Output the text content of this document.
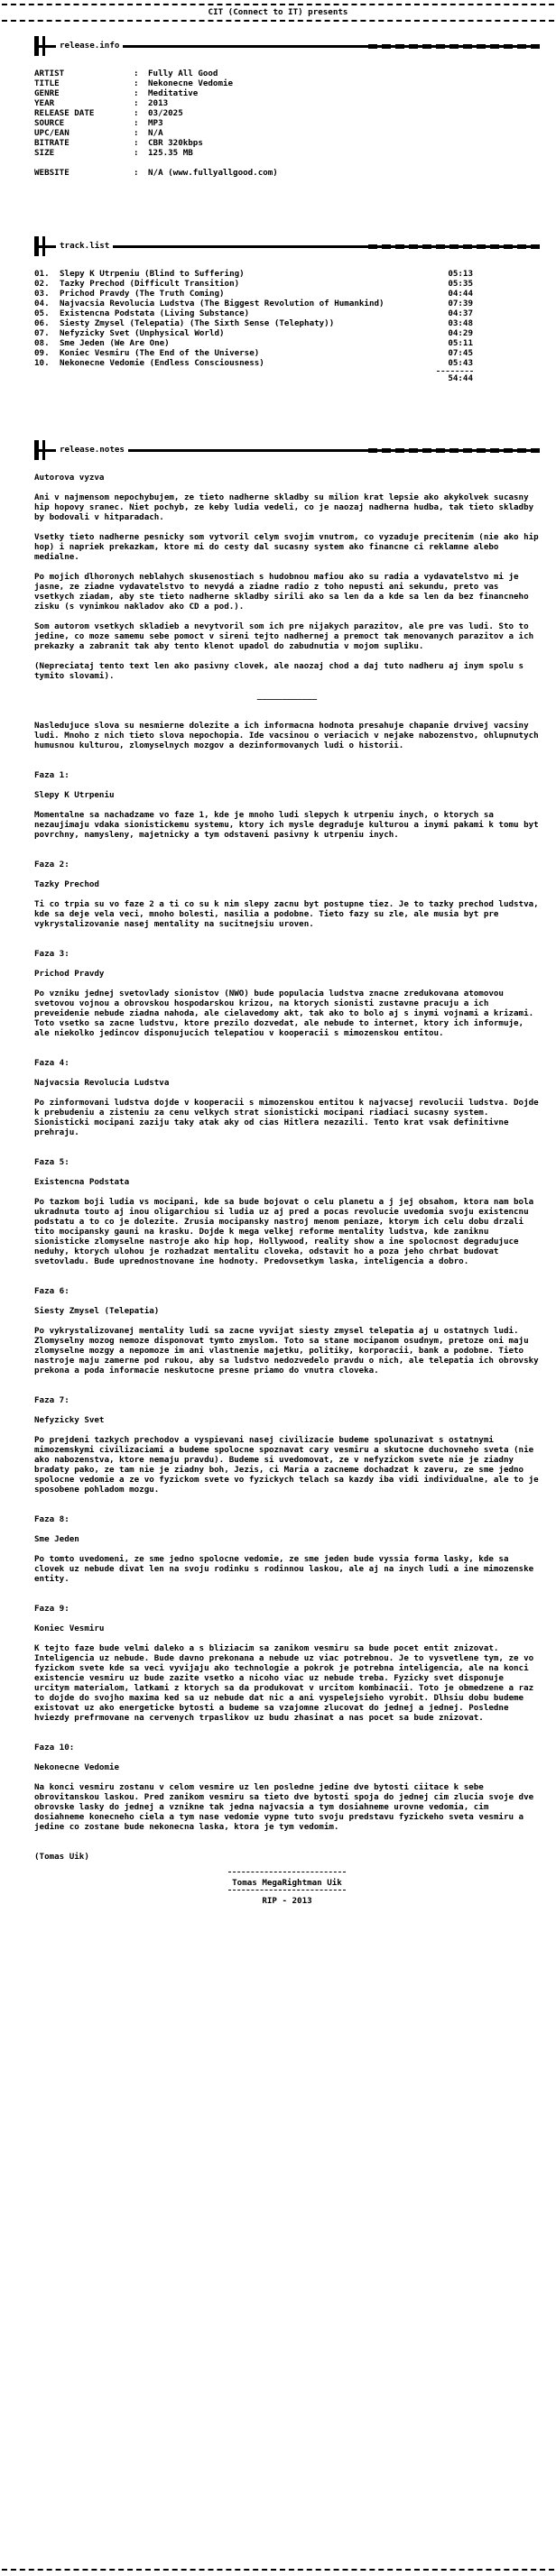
CIT (Connect to IT) presents
release.info
ARTIST	:	Fully All Good
TITLE	:	Nekonecne Vedomie
GENRE	:	Meditative
YEAR	:	2013
RELEASE DATE	:	03/2025
SOURCE	:	MP3
UPC/EAN	:	N/A
BITRATE	:	CBR 320kbps
SIZE	:	125.35 MB
WEBSITE	:	N/A (www.fullyallgood.com)
track.list
01.	Slepy K Utrpeniu (Blind to Suffering)	05:13
02.	Tazky Prechod (Difficult Transition)	05:35
03.	Prichod Pravdy (The Truth Coming)	04:44
04.	Najvacsia Revolucia Ludstva (The Biggest Revolution of Humankind)	07:39
05.	Existencna Podstata (Living Substance)	04:37
06.	Siesty Zmysel (Telepatia) (The Sixth Sense (Telephaty))	03:48
07.	Nefyzicky Svet (Unphysical World)	04:29
08.	Sme Jeden (We Are One)	05:11
09.	Koniec Vesmiru (The End of the Universe)	07:45
10.	Nekonecne Vedomie (Endless Consciousness)	05:43
54:44
release.notes

Autorova vyzva

Ani v najmensom nepochybujem, ze tieto nadherne skladby su milion krat lepsie ako akykolvek sucasny hip hopovy sranec. Niet pochyb, ze keby ludia vedeli, co je naozaj nadherna hudba, tak tieto skladby by bodovali v hitparadach.

Vsetky tieto nadherne pesnicky som vytvoril celym svojim vnutrom, co vyzaduje precitenim (nie ako hip hop) i napriek prekazkam, ktore mi do cesty dal sucasny system ako financne ci reklamne alebo medialne.

Po mojich dlhoronych neblahych skusenostiach s hudobnou mafiou ako su radia a vydavatelstvo mi je jasne, ze ziadne vydavatelstvo to nevydá a ziadne radio z toho nepusti ani sekundu, preto vas vsetkych ziadam, aby ste tieto nadherne skladby sirili ako sa len da a kde sa len da bez financneho zisku (s vynimkou nakladov ako CD a pod.).

Som autorom vsetkych skladieb a nevytvoril som ich pre nijakych parazitov, ale pre vas ludi. Sto to jedine, co moze samemu sebe pomoct v sireni tejto nadhernej a premoct tak menovanych parazitov a ich prekazky a zabranit tak aby tento klenot upadol do zabudnutia v mojom supliku.

(Nepreciataj tento text len ako pasivny clovek, ale naozaj chod a daj tuto nadheru aj inym spolu s tymito slovami).

____________

Nasledujuce slova su nesmierne dolezite a ich informacna hodnota presahuje chapanie drvivej vacsiny ludi. Mnoho z nich tieto slova nepochopia. Ide vacsinou o veriacich v nejake nabozenstvo, ohlupnutych humusnou kulturou, zlomyselnych mozgov a dezinformovanych ludi o historii.

Faza 1:

Slepy K Utrpeniu

Momentalne sa nachadzame vo faze 1, kde je mnoho ludi slepych k utrpeniu inych, o ktorych sa nezaujimaju vdaka sionistickemu systemu, ktory ich mysle degraduje kulturou a inymi pakami k tomu byt povrchny, namysleny, majetnicky a tym odstaveni pasivny k utrpeniu inych.

Faza 2:

Tazky Prechod

Ti co trpia su vo faze 2 a ti co su k nim slepy zacnu byt postupne tiez. Je to tazky prechod ludstva, kde sa deje vela veci, mnoho bolesti, nasilia a podobne. Tieto fazy su zle, ale musia byt pre vykrystalizovanie nasej mentality na sucitnejsiu uroven.

Faza 3:

Prichod Pravdy

Po vzniku jednej svetovlady sionistov (NWO) bude populacia ludstva znacne zredukovana atomovou svetovou vojnou a obrovskou hospodarskou krizou, na ktorych sionisti zustavne pracuju a ich preveidenie nebude ziadna nahoda, ale cielavedomy akt, tak ako to bolo aj s inymi vojnami a krizami. Toto vsetko sa zacne ludstvu, ktore prezilo dozvedat, ale nebude to internet, ktory ich informuje, ale niekolko jedincov disponujucich telepatiou v kooperacii s mimozenskou entitou.

Faza 4:

Najvacsia Revolucia Ludstva

Po zinformovani ludstva dojde v kooperacii s mimozenskou entitou k najvacsej revolucii ludstva. Dojde k prebudeniu a zisteniu za cenu velkych strat sionisticki mocipani riadiaci sucasny system. Sionisticki mocipani zaziju taky atak aky od cias Hitlera nezazili. Tento krat vsak definitivne prehraju.

Faza 5:

Existencna Podstata

Po tazkom boji ludia vs mocipani, kde sa bude bojovat o celu planetu a j jej obsahom, ktora nam bola ukradnuta touto aj inou oligarchiou si ludia uz aj pred a pocas revolucie uvedomia svoju existencnu podstatu a to co je dolezite. Zrusia mocipansky nastroj menom peniaze, ktorym ich celu dobu drzali tito mocipansky gauni na krasku. Dojde k mega velkej reforme mentality ludstva, kde zaniknu sionisticke zlomyselne nastroje ako hip hop, Hollywood, reality show a ine spolocnost degradujuce neduhy, ktorych ulohou je rozhadzat mentalitu cloveka, odstavit ho a poza jeho chrbat budovat svetovladu. Bude uprednostnovane ine hodnoty. Predovsetkym laska, inteligencia a dobro.

Faza 6:

Siesty Zmysel (Telepatia)

Po vykrystalizovanej mentality ludi sa zacne vyvijat siesty zmysel telepatia aj u ostatnych ludi. Zlomyselny mozog nemoze disponovat tymto zmyslom. Toto sa stane mocipanom osudnym, pretoze oni maju zlomyselne mozgy a nepomoze im ani vlastnenie majetku, politiky, korporacii, bank a podobne. Tieto nastroje maju zamerne pod rukou, aby sa ludstvo nedozvedelo pravdu o nich, ale telepatia ich obrovsky prekona a poda informacie neskutocne presne priamo do vnutra cloveka.

Faza 7:

Nefyzicky Svet

Po prejdeni tazkych prechodov a vyspievani nasej civilizacie budeme spolunazivat s ostatnymi mimozemskymi civilizaciami a budeme spolocne spoznavat cary vesmiru a skutocne duchovneho sveta (nie ako nabozenstva, ktore nemaju pravdu). Budeme si uvedomovat, ze v nefyzickom svete nie je ziadny bradaty pako, ze tam nie je ziadny boh, Jezis, ci Maria a zacneme dochadzat k zaveru, ze sme jedno spolocne vedomie a ze vo fyzickom svete vo fyzickych telach sa kazdy iba vidi individualne, ale to je sposobene pohladom mozgu.

Faza 8:

Sme Jeden

Po tomto uvedomeni, ze sme jedno spolocne vedomie, ze sme jeden bude vyssia forma lasky, kde sa clovek uz nebude divat len na svoju rodinku s rodinnou laskou, ale aj na inych ludi a ine mimozenske entity.

Faza 9:

Koniec Vesmiru

K tejto faze bude velmi daleko a s bliziacim sa zanikom vesmiru sa bude pocet entit znizovat. Inteligencia uz nebude. Bude davno prekonana a nebude uz viac potrebnou. Je to vysvetlene tym, ze vo fyzickom svete kde sa veci vyvijaju ako technologie a pokrok je potrebna inteligencia, ale na konci existencie vesmiru uz bude zazite vsetko a nicoho viac uz nebude treba. Fyzicky svet disponuje urcitym materialom, latkami z ktorych sa da produkovat v urcitom kombinacii. Toto je obmedzene a raz to dojde do svojho maxima ked sa uz nebude dat nic a ani vyspelejsieho vyrobit. Dlhsiu dobu budeme existovat uz ako energeticke bytosti a budeme sa vzajomne zlucovat do jednej a jednej. Posledne hviezdy prefrmovane na cervenych trpaslikov uz budu zhasinat a nas pocet sa bude znizovat.

Faza 10:

Nekonecne Vedomie

Na konci vesmiru zostanu v celom vesmire uz len posledne jedine dve bytosti ciitace k sebe obrovitanskou laskou. Pred zanikom vesmiru sa tieto dve bytosti spoja do jednej cim zlucia svoje dve obrovske lasky do jednej a vznikne tak jedna najvacsia a tym dosiahneme urovne vedomia, cim dosiahneme konecneho ciela a tym nase vedomie vypne tuto svoju predstavu fyzickeho sveta vesmiru a jedine co zostane bude nekonecna laska, ktora je tym vedomim.

(Tomas Uik)

Tomas MegaRightman Uik

RIP - 2013
